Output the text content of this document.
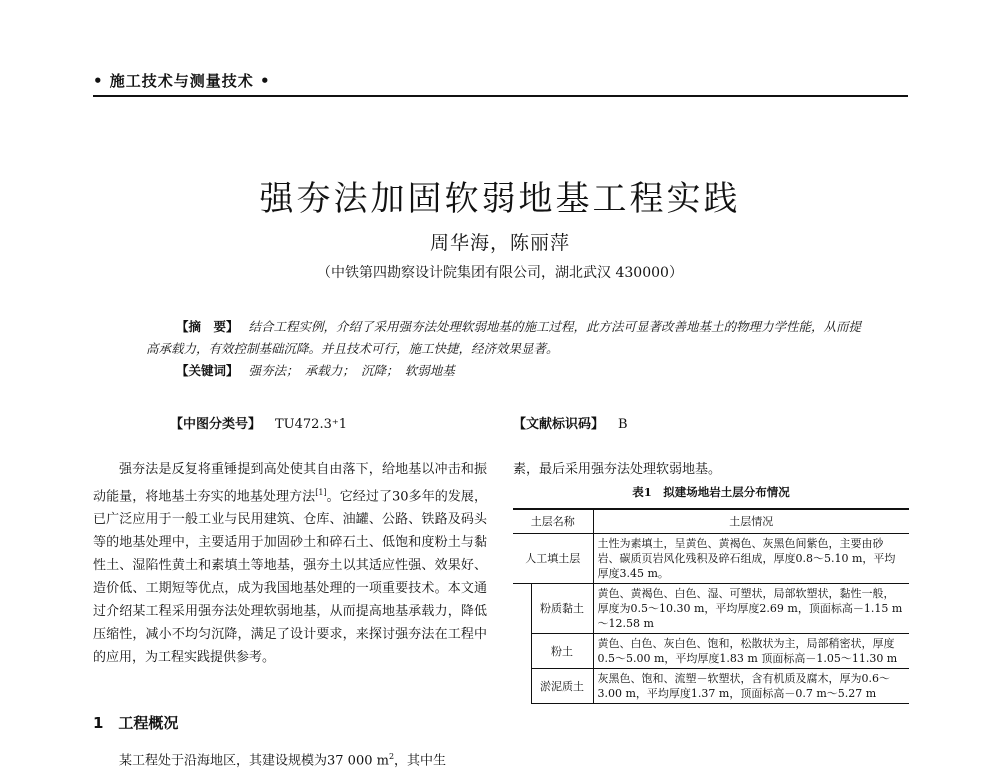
• 施工技术与测量技术 •
强夯法加固软弱地基工程实践
周华海，陈丽萍
（中铁第四勘察设计院集团有限公司，湖北武汉 430000）
【摘　要】 结合工程实例，介绍了采用强夯法处理软弱地基的施工过程，此方法可显著改善地基土的物理力学性能，从而提高承载力，有效控制基础沉降。并且技术可行，施工快捷，经济效果显著。
【关键词】 强夯法；　承载力；　沉降；　软弱地基
【中图分类号】 TU472.3⁺1	【文献标识码】 B
强夯法是反复将重锤提到高处使其自由落下，给地基以冲击和振动能量，将地基土夯实的地基处理方法[1]。它经过了30多年的发展，已广泛应用于一般工业与民用建筑、仓库、油罐、公路、铁路及码头等的地基处理中，主要适用于加固砂土和碎石土、低饱和度粉土与黏性土、湿陷性黄土和素填土等地基，强夯土以其适应性强、效果好、造价低、工期短等优点，成为我国地基处理的一项重要技术。本文通过介绍某工程采用强夯法处理软弱地基，从而提高地基承载力，降低压缩性，减小不均匀沉降，满足了设计要求，来探讨强夯法在工程中的应用，为工程实践提供参考。
1　工程概况
某工程处于沿海地区，其建设规模为37 000 $m^2$，其中生
素，最后采用强夯法处理软弱地基。
表1　拟建场地岩土层分布情况
土层名称		土层情况
人工填土层		土性为素填土，呈黄色、黄褐色、灰黑色间紫色，主要由砂岩、碳质页岩风化残积及碎石组成，厚度0.8～5.10 m，平均厚度3.45 m。
	粉质黏土	黄色、黄褐色、白色、湿、可塑状，局部软塑状，黏性一般，厚度为0.5～10.30 m，平均厚度2.69 m，顶面标高－1.15 m～12.58 m
	粉土	黄色、白色、灰白色、饱和，松散状为主，局部稍密状，厚度0.5～5.00 m，平均厚度1.83 m 顶面标高－1.05～11.30 m
	淤泥质土	灰黑色、饱和、流塑－软塑状，含有机质及腐木，厚为0.6～3.00 m，平均厚度1.37 m，顶面标高－0.7 m～5.27 m
